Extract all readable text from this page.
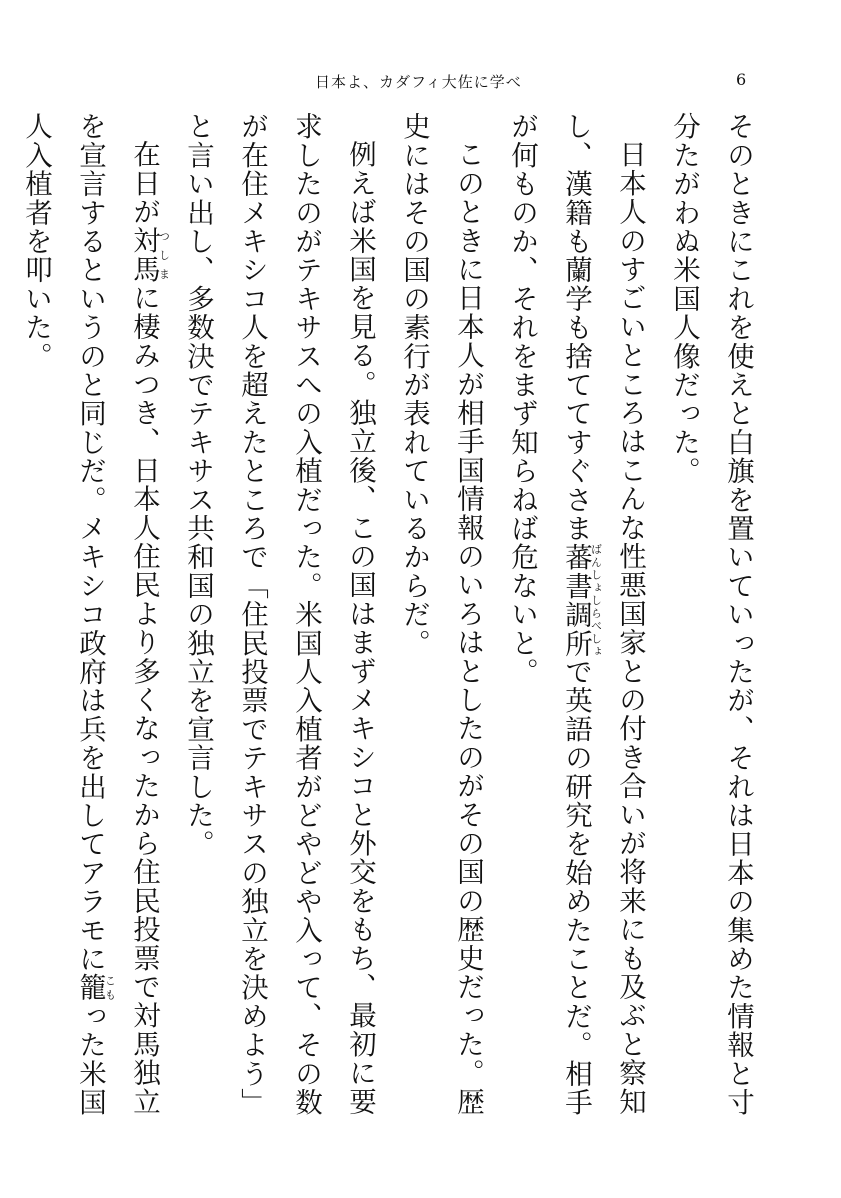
日本よ、カダフィ大佐に学べ	6

そのときにこれを使えと白旗を置いていったが、それは日本の集めた情報と寸分たがわぬ米国人像だった。

日本人のすごいところはこんな性悪国家との付き合いが将来にも及ぶと察知し、漢籍も蘭学も捨ててすぐさま蕃書調所ばんしょしらべしょで英語の研究を始めたことだ。相手が何ものか、それをまず知らねば危ないと。

このときに日本人が相手国情報のいろはとしたのがその国の歴史だった。歴史にはその国の素行が表れているからだ。

例えば米国を見る。独立後、この国はまずメキシコと外交をもち、最初に要求したのがテキサスへの入植だった。米国人入植者がどやどや入って、その数が在住メキシコ人を超えたところで「住民投票でテキサスの独立を決めよう」と言い出し、多数決でテキサス共和国の独立を宣言した。

在日が対馬つしまに棲みつき、日本人住民より多くなったから住民投票で対馬独立を宣言するというのと同じだ。メキシコ政府は兵を出してアラモに籠こもった米国人入植者を叩いた。
